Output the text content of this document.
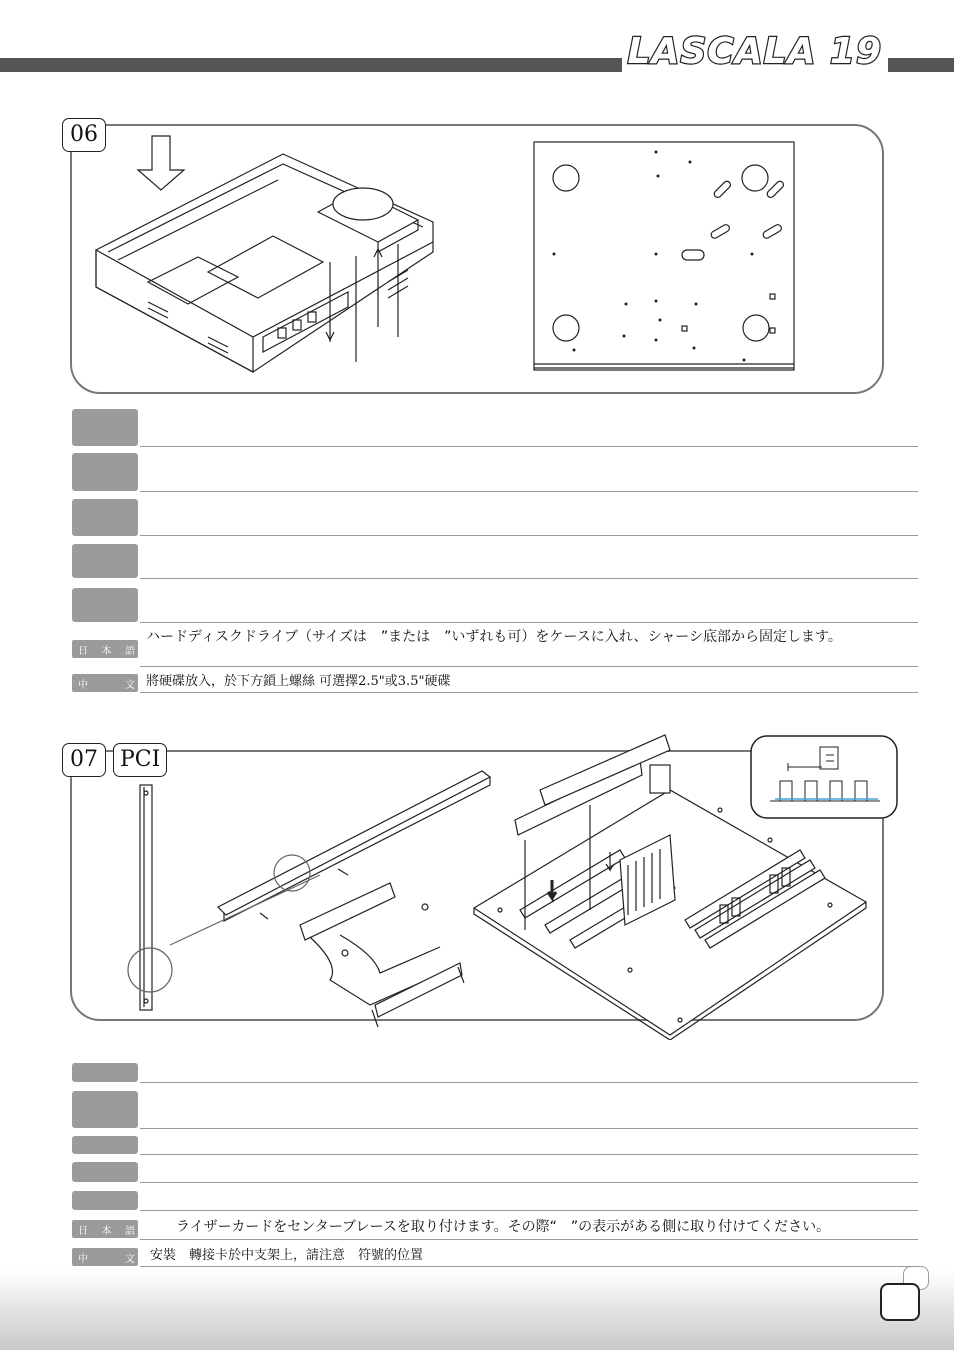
LASCALA 19
06
日 本 語
ハードディスクドライブ（サイズは　”または　”いずれも可）をケースに入れ、シャーシ底部から固定します。
中	文 將硬碟放入，於下方鎖上螺絲 可選擇2.5"或3.5"硬碟
07	PCI
日 本 語	ライザーカードをセンターブレースを取り付けます。その際“　”の表示がある側に取り付けてください。
中	文 安裝　轉接卡於中支架上，請注意　符號的位置
